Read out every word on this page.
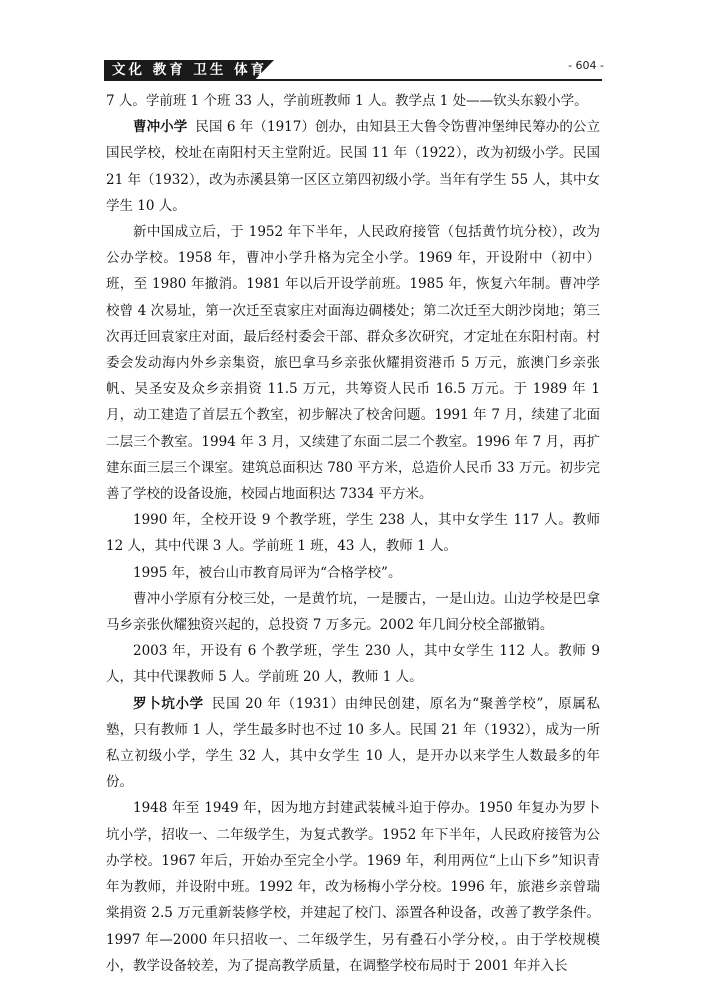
文化 教育 卫生 体育	- 604 -

7 人。学前班 1 个班 33 人，学前班教师 1 人。教学点 1 处——钦头东毅小学。

曹冲小学 民国 6 年（1917）创办，由知县王大鲁令饬曹冲堡绅民筹办的公立国民学校，校址在南阳村天主堂附近。民国 11 年（1922），改为初级小学。民国 21 年（1932），改为赤溪县第一区区立第四初级小学。当年有学生 55 人，其中女学生 10 人。

新中国成立后，于 1952 年下半年，人民政府接管（包括黄竹坑分校），改为公办学校。1958 年，曹冲小学升格为完全小学。1969 年，开设附中（初中）班，至 1980 年撤消。1981 年以后开设学前班。1985 年，恢复六年制。曹冲学校曾 4 次易址，第一次迁至袁家庄对面海边碉楼处；第二次迁至大朗沙岗地；第三次再迁回袁家庄对面，最后经村委会干部、群众多次研究，才定址在东阳村南。村委会发动海内外乡亲集资，旅巴拿马乡亲张伙耀捐资港币 5 万元，旅澳门乡亲张帆、吴圣安及众乡亲捐资 11.5 万元，共筹资人民币 16.5 万元。于 1989 年 1 月，动工建造了首层五个教室，初步解决了校舍问题。1991 年 7 月，续建了北面二层三个教室。1994 年 3 月，又续建了东面二层二个教室。1996 年 7 月，再扩建东面三层三个课室。建筑总面积达 780 平方米，总造价人民币 33 万元。初步完善了学校的设备设施，校园占地面积达 7334 平方米。

1990 年，全校开设 9 个教学班，学生 238 人，其中女学生 117 人。教师 12 人，其中代课 3 人。学前班 1 班，43 人，教师 1 人。

1995 年，被台山市教育局评为“合格学校”。

曹冲小学原有分校三处，一是黄竹坑，一是腰古，一是山边。山边学校是巴拿马乡亲张伙耀独资兴起的，总投资 7 万多元。2002 年几间分校全部撤销。

2003 年，开设有 6 个教学班，学生 230 人，其中女学生 112 人。教师 9 人，其中代课教师 5 人。学前班 20 人，教师 1 人。

罗卜坑小学 民国 20 年（1931）由绅民创建，原名为“聚善学校”，原属私塾，只有教师 1 人，学生最多时也不过 10 多人。民国 21 年（1932），成为一所私立初级小学，学生 32 人，其中女学生 10 人，是开办以来学生人数最多的年份。

1948 年至 1949 年，因为地方封建武装械斗迫于停办。1950 年复办为罗卜坑小学，招收一、二年级学生，为复式教学。1952 年下半年，人民政府接管为公办学校。1967 年后，开始办至完全小学。1969 年，利用两位“上山下乡”知识青年为教师，并设附中班。1992 年，改为杨梅小学分校。1996 年，旅港乡亲曾瑞棠捐资 2.5 万元重新装修学校，并建起了校门、添置各种设备，改善了教学条件。1997 年—2000 年只招收一、二年级学生，另有叠石小学分校，。由于学校规模小，教学设备较差，为了提高教学质量，在调整学校布局时于 2001 年并入长
